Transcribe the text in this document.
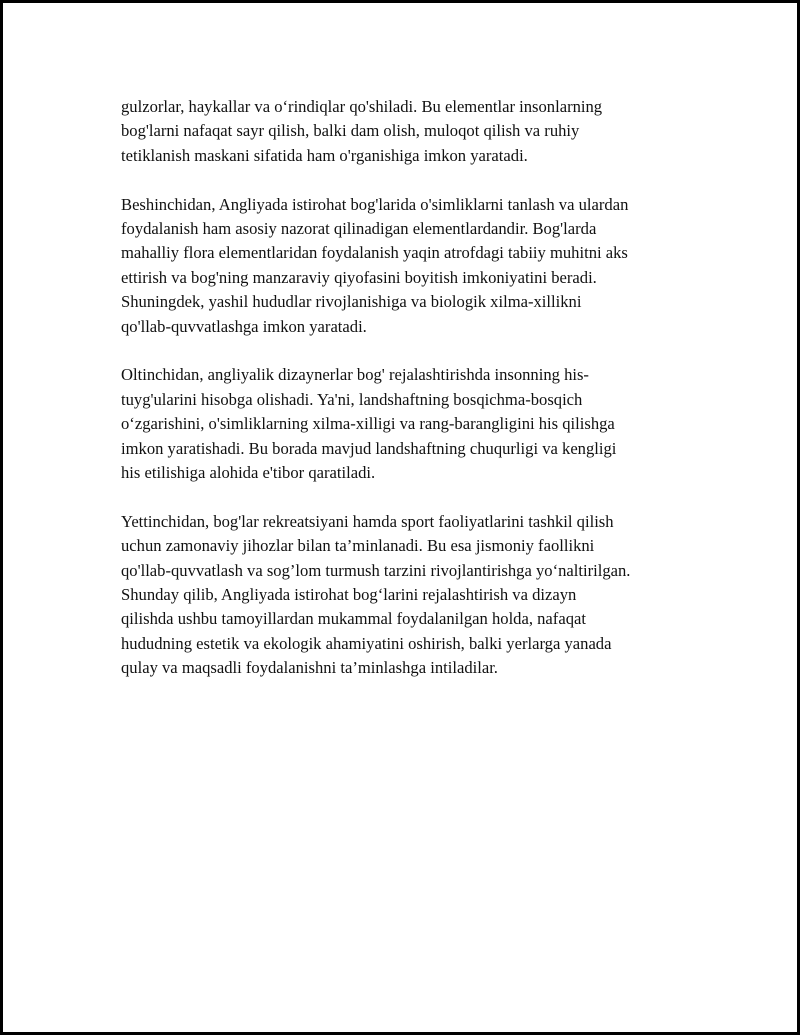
gulzorlar, haykallar va o‘rindiqlar qo'shiladi. Bu elementlar insonlarning
bog'larni nafaqat sayr qilish, balki dam olish, muloqot qilish va ruhiy
tetiklanish maskani sifatida ham o'rganishiga imkon yaratadi.

Beshinchidan, Angliyada istirohat bog'larida o'simliklarni tanlash va ulardan
foydalanish ham asosiy nazorat qilinadigan elementlardandir. Bog'larda
mahalliy flora elementlaridan foydalanish yaqin atrofdagi tabiiy muhitni aks
ettirish va bog'ning manzaraviy qiyofasini boyitish imkoniyatini beradi.
Shuningdek, yashil hududlar rivojlanishiga va biologik xilma-xillikni
qo'llab-quvvatlashga imkon yaratadi.

Oltinchidan, angliyalik dizaynerlar bog' rejalashtirishda insonning his-
tuyg'ularini hisobga olishadi. Ya'ni, landshaftning bosqichma-bosqich
o‘zgarishini, o'simliklarning xilma-xilligi va rang-barangligini his qilishga
imkon yaratishadi. Bu borada mavjud landshaftning chuqurligi va kengligi
his etilishiga alohida e'tibor qaratiladi.

Yettinchidan, bog'lar rekreatsiyani hamda sport faoliyatlarini tashkil qilish
uchun zamonaviy jihozlar bilan ta’minlanadi. Bu esa jismoniy faollikni
qo'llab-quvvatlash va sog’lom turmush tarzini rivojlantirishga yo‘naltirilgan.
Shunday qilib, Angliyada istirohat bog‘larini rejalashtirish va dizayn
qilishda ushbu tamoyillardan mukammal foydalanilgan holda, nafaqat
hududning estetik va ekologik ahamiyatini oshirish, balki yerlarga yanada
qulay va maqsadli foydalanishni ta’minlashga intiladilar.
